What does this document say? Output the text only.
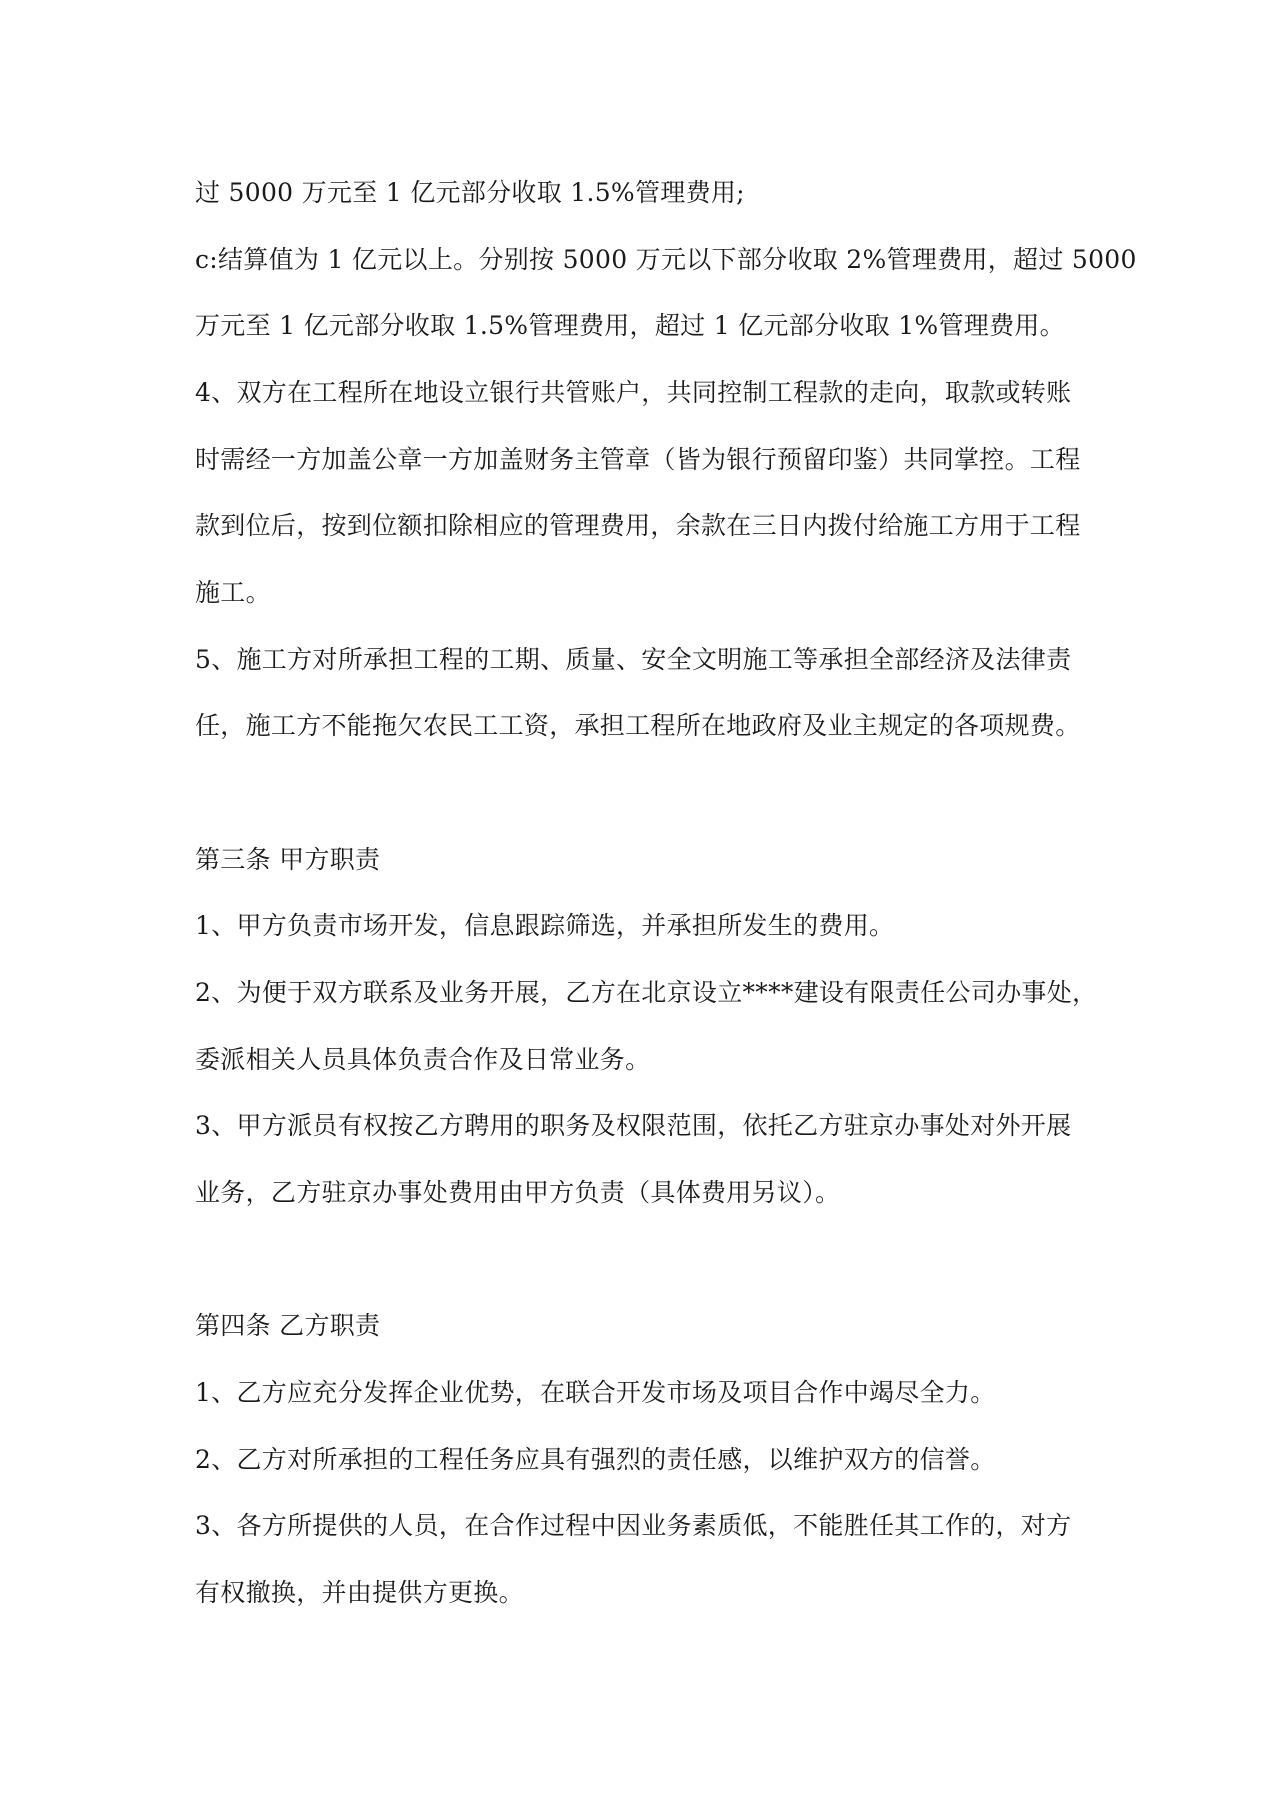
过 5000 万元至 1 亿元部分收取 1.5%管理费用;
c:结算值为 1 亿元以上。分别按 5000 万元以下部分收取 2%管理费用，超过 5000
万元至 1 亿元部分收取 1.5%管理费用，超过 1 亿元部分收取 1%管理费用。
4、双方在工程所在地设立银行共管账户，共同控制工程款的走向，取款或转账
时需经一方加盖公章一方加盖财务主管章（皆为银行预留印鉴）共同掌控。工程
款到位后，按到位额扣除相应的管理费用，余款在三日内拨付给施工方用于工程
施工。
5、施工方对所承担工程的工期、质量、安全文明施工等承担全部经济及法律责
任，施工方不能拖欠农民工工资，承担工程所在地政府及业主规定的各项规费。
第三条 甲方职责
1、甲方负责市场开发，信息跟踪筛选，并承担所发生的费用。
2、为便于双方联系及业务开展，乙方在北京设立****建设有限责任公司办事处，
委派相关人员具体负责合作及日常业务。
3、甲方派员有权按乙方聘用的职务及权限范围，依托乙方驻京办事处对外开展
业务，乙方驻京办事处费用由甲方负责（具体费用另议）。
第四条 乙方职责
1、乙方应充分发挥企业优势，在联合开发市场及项目合作中竭尽全力。
2、乙方对所承担的工程任务应具有强烈的责任感，以维护双方的信誉。
3、各方所提供的人员，在合作过程中因业务素质低，不能胜任其工作的，对方
有权撤换，并由提供方更换。
